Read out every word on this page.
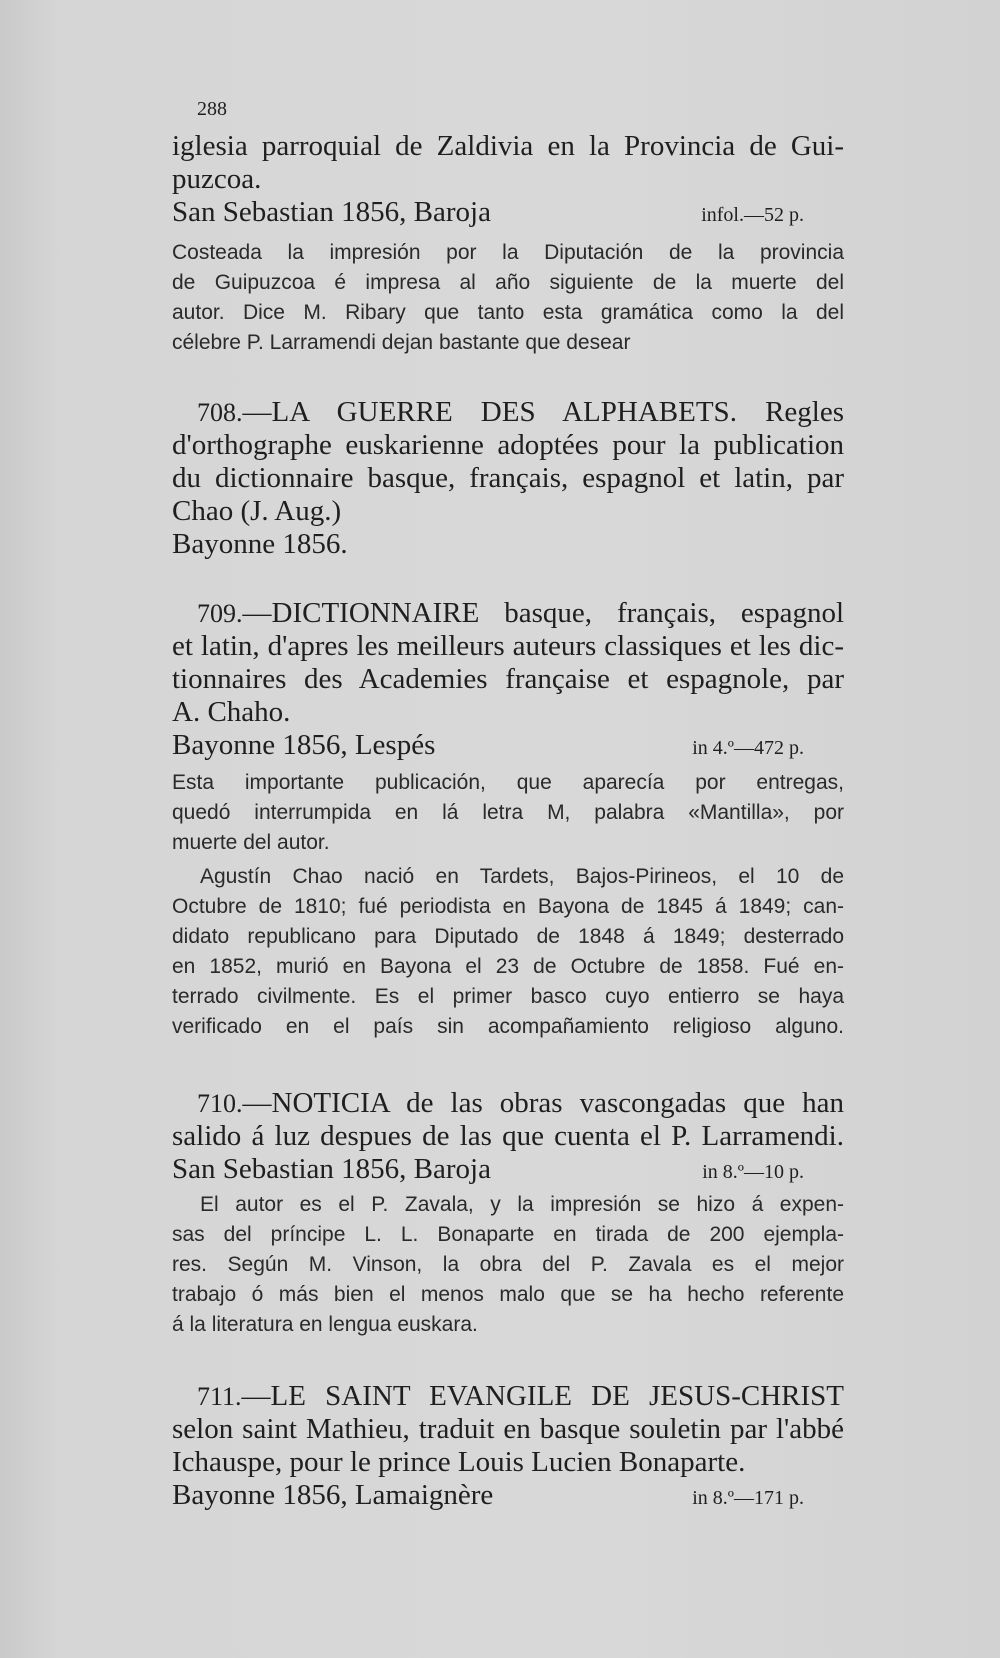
288
iglesia parroquial de Zaldivia en la Provincia de Gui-
puzcoa.
San Sebastian 1856, Baroja	infol.—52 p.
Costeada la impresión por la Diputación de la provincia
de Guipuzcoa é impresa al año siguiente de la muerte del
autor. Dice M. Ribary que tanto esta gramática como la del
célebre P. Larramendi dejan bastante que desear
708.—LA GUERRE DES ALPHABETS. Regles
d'orthographe euskarienne adoptées pour la publication
du dictionnaire basque, français, espagnol et latin, par
Chao (J. Aug.)
Bayonne 1856.
709.—DICTIONNAIRE basque, français, espagnol
et latin, d'apres les meilleurs auteurs classiques et les dic-
tionnaires des Academies française et espagnole, par
A. Chaho.
Bayonne 1856, Lespés	in 4.º—472 p.
Esta importante publicación, que aparecía por entregas,
quedó interrumpida en lá letra M, palabra «Mantilla», por
muerte del autor.
Agustín Chao nació en Tardets, Bajos-Pirineos, el 10 de
Octubre de 1810; fué periodista en Bayona de 1845 á 1849; can-
didato republicano para Diputado de 1848 á 1849; desterrado
en 1852, murió en Bayona el 23 de Octubre de 1858. Fué en-
terrado civilmente. Es el primer basco cuyo entierro se haya
verificado en el país sin acompañamiento religioso alguno.
710.—NOTICIA de las obras vascongadas que han
salido á luz despues de las que cuenta el P. Larramendi.
San Sebastian 1856, Baroja	in 8.º—10 p.
El autor es el P. Zavala, y la impresión se hizo á expen-
sas del príncipe L. L. Bonaparte en tirada de 200 ejempla-
res. Según M. Vinson, la obra del P. Zavala es el mejor
trabajo ó más bien el menos malo que se ha hecho referente
á la literatura en lengua euskara.
711.—LE SAINT EVANGILE DE JESUS-CHRIST
selon saint Mathieu, traduit en basque souletin par l'abbé
Ichauspe, pour le prince Louis Lucien Bonaparte.
Bayonne 1856, Lamaignère	in 8.º—171 p.
